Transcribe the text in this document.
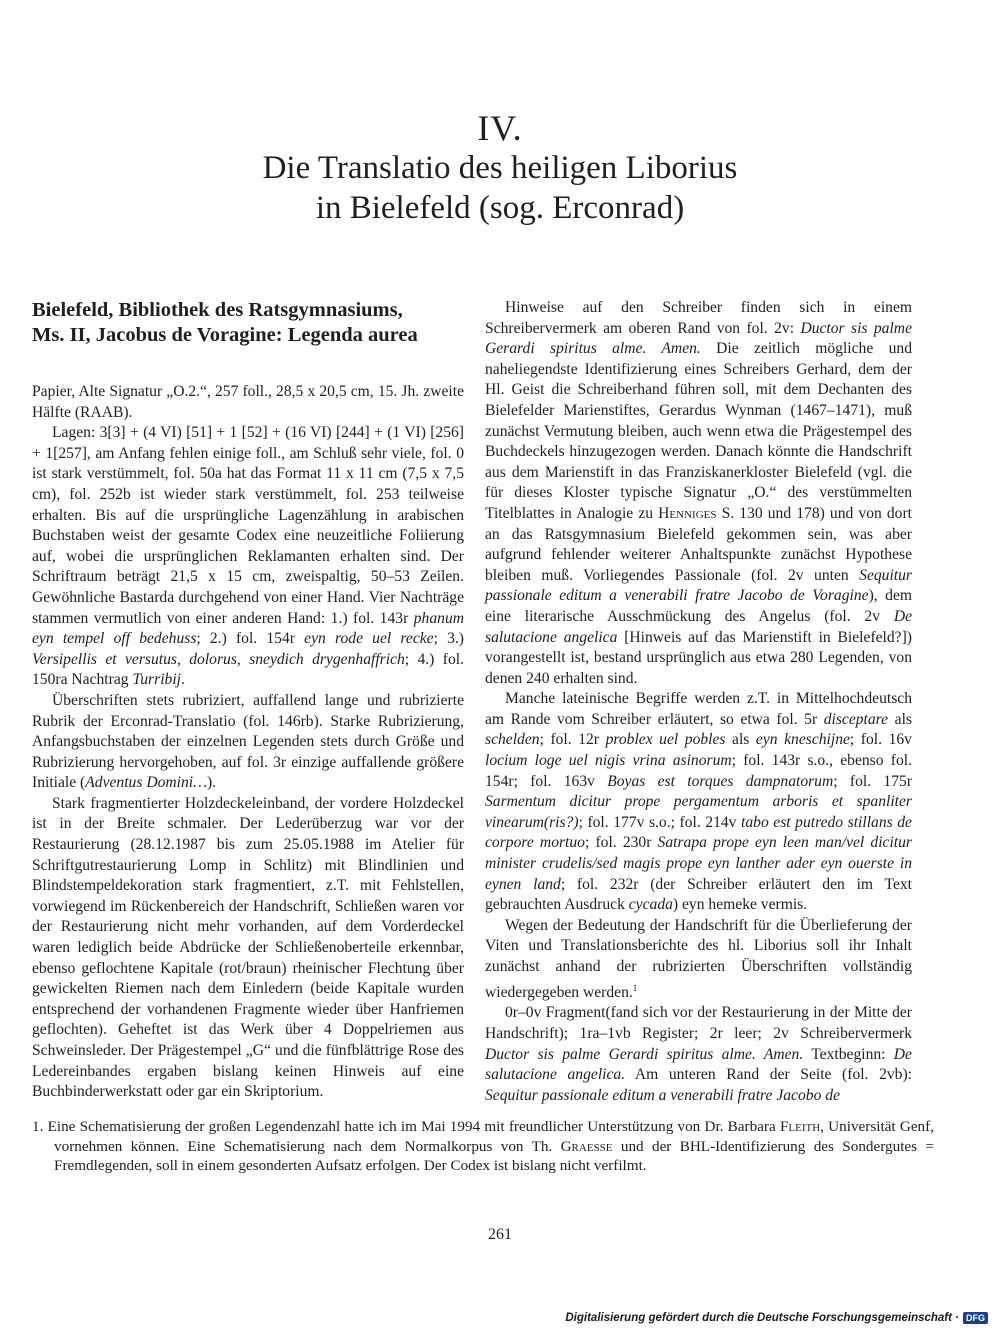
IV.
Die Translatio des heiligen Liborius
in Bielefeld (sog. Erconrad)
Bielefeld, Bibliothek des Ratsgymnasiums,
Ms. II, Jacobus de Voragine: Legenda aurea

Papier, Alte Signatur „O.2.“, 257 foll., 28,5 x 20,5 cm, 15. Jh. zweite Hälfte (RAAB).

Lagen: 3[3] + (4 VI) [51] + 1 [52] + (16 VI) [244] + (1 VI) [256] + 1[257], am Anfang fehlen einige foll., am Schluß sehr viele, fol. 0 ist stark verstümmelt, fol. 50a hat das Format 11 x 11 cm (7,5 x 7,5 cm), fol. 252b ist wieder stark verstümmelt, fol. 253 teilweise erhalten. Bis auf die ursprüngliche Lagenzählung in arabischen Buchstaben weist der gesamte Codex eine neuzeitliche Foliierung auf, wobei die ursprünglichen Reklamanten erhalten sind. Der Schriftraum beträgt 21,5 x 15 cm, zweispaltig, 50–53 Zeilen. Gewöhnliche Bastarda durchgehend von einer Hand. Vier Nachträge stammen vermutlich von einer anderen Hand: 1.) fol. 143r phanum eyn tempel off bedehuss; 2.) fol. 154r eyn rode uel recke; 3.) Versipellis et versutus, dolorus, sneydich drygenhaffrich; 4.) fol. 150ra Nachtrag Turribij.

Überschriften stets rubriziert, auffallend lange und rubrizierte Rubrik der Erconrad-Translatio (fol. 146rb). Starke Rubrizierung, Anfangsbuchstaben der einzelnen Legenden stets durch Größe und Rubrizierung hervorgehoben, auf fol. 3r einzige auffallende größere Initiale (Adventus Domini…).

Stark fragmentierter Holzdeckeleinband, der vordere Holzdeckel ist in der Breite schmaler. Der Lederüberzug war vor der Restaurierung (28.12.1987 bis zum 25.05.1988 im Atelier für Schriftgutrestaurierung Lomp in Schlitz) mit Blindlinien und Blindstempeldekoration stark fragmentiert, z.T. mit Fehlstellen, vorwiegend im Rückenbereich der Handschrift, Schließen waren vor der Restaurierung nicht mehr vorhanden, auf dem Vorderdeckel waren lediglich beide Abdrücke der Schließenoberteile erkennbar, ebenso geflochtene Kapitale (rot/braun) rheinischer Flechtung über gewickelten Riemen nach dem Einledern (beide Kapitale wurden entsprechend der vorhandenen Fragmente wieder über Hanfriemen geflochten). Geheftet ist das Werk über 4 Doppelriemen aus Schweinsleder. Der Prägestempel „G“ und die fünfblättrige Rose des Ledereinbandes ergaben bislang keinen Hinweis auf eine Buchbinderwerkstatt oder gar ein Skriptorium.

Hinweise auf den Schreiber finden sich in einem Schreibervermerk am oberen Rand von fol. 2v: Ductor sis palme Gerardi spiritus alme. Amen. Die zeitlich mögliche und naheliegendste Identifizierung eines Schreibers Gerhard, dem der Hl. Geist die Schreiberhand führen soll, mit dem Dechanten des Bielefelder Marienstiftes, Gerardus Wynman (1467–1471), muß zunächst Vermutung bleiben, auch wenn etwa die Prägestempel des Buchdeckels hinzugezogen werden. Danach könnte die Handschrift aus dem Marienstift in das Franziskanerkloster Bielefeld (vgl. die für dieses Kloster typische Signatur „O.“ des verstümmelten Titelblattes in Analogie zu Henniges S. 130 und 178) und von dort an das Ratsgymnasium Bielefeld gekommen sein, was aber aufgrund fehlender weiterer Anhaltspunkte zunächst Hypothese bleiben muß. Vorliegendes Passionale (fol. 2v unten Sequitur passionale editum a venerabili fratre Jacobo de Voragine), dem eine literarische Ausschmückung des Angelus (fol. 2v De salutacione angelica [Hinweis auf das Marienstift in Bielefeld?]) vorangestellt ist, bestand ursprünglich aus etwa 280 Legenden, von denen 240 erhalten sind.

Manche lateinische Begriffe werden z.T. in Mittelhochdeutsch am Rande vom Schreiber erläutert, so etwa fol. 5r disceptare als schelden; fol. 12r problex uel pobles als eyn kneschijne; fol. 16v locium loge uel nigis vrina asinorum; fol. 143r s.o., ebenso fol. 154r; fol. 163v Boyas est torques dampnatorum; fol. 175r Sarmentum dicitur prope pergamentum arboris et spanliter vinearum(ris?); fol. 177v s.o.; fol. 214v tabo est putredo stillans de corpore mortuo; fol. 230r Satrapa prope eyn leen man/vel dicitur minister crudelis/sed magis prope eyn lanther ader eyn ouerste in eynen land; fol. 232r (der Schreiber erläutert den im Text gebrauchten Ausdruck cycada) eyn hemeke vermis.

Wegen der Bedeutung der Handschrift für die Überlieferung der Viten und Translationsberichte des hl. Liborius soll ihr Inhalt zunächst anhand der rubrizierten Überschriften vollständig wiedergegeben werden.$^1$

0r–0v Fragment(fand sich vor der Restaurierung in der Mitte der Handschrift); 1ra–1vb Register; 2r leer; 2v Schreibervermerk Ductor sis palme Gerardi spiritus alme. Amen. Textbeginn: De salutacione angelica. Am unteren Rand der Seite (fol. 2vb): Sequitur passionale editum a venerabili fratre Jacobo de

1. Eine Schematisierung der großen Legendenzahl hatte ich im Mai 1994 mit freundlicher Unterstützung von Dr. Barbara Fleith, Universität Genf, vornehmen können. Eine Schematisierung nach dem Normalkorpus von Th. Graesse und der BHL-Identifizierung des Sondergutes = Fremdlegenden, soll in einem gesonderten Aufsatz erfolgen. Der Codex ist bislang nicht verfilmt.
261
Digitalisierung gefördert durch die Deutsche Forschungsgemeinschaft · DFG
